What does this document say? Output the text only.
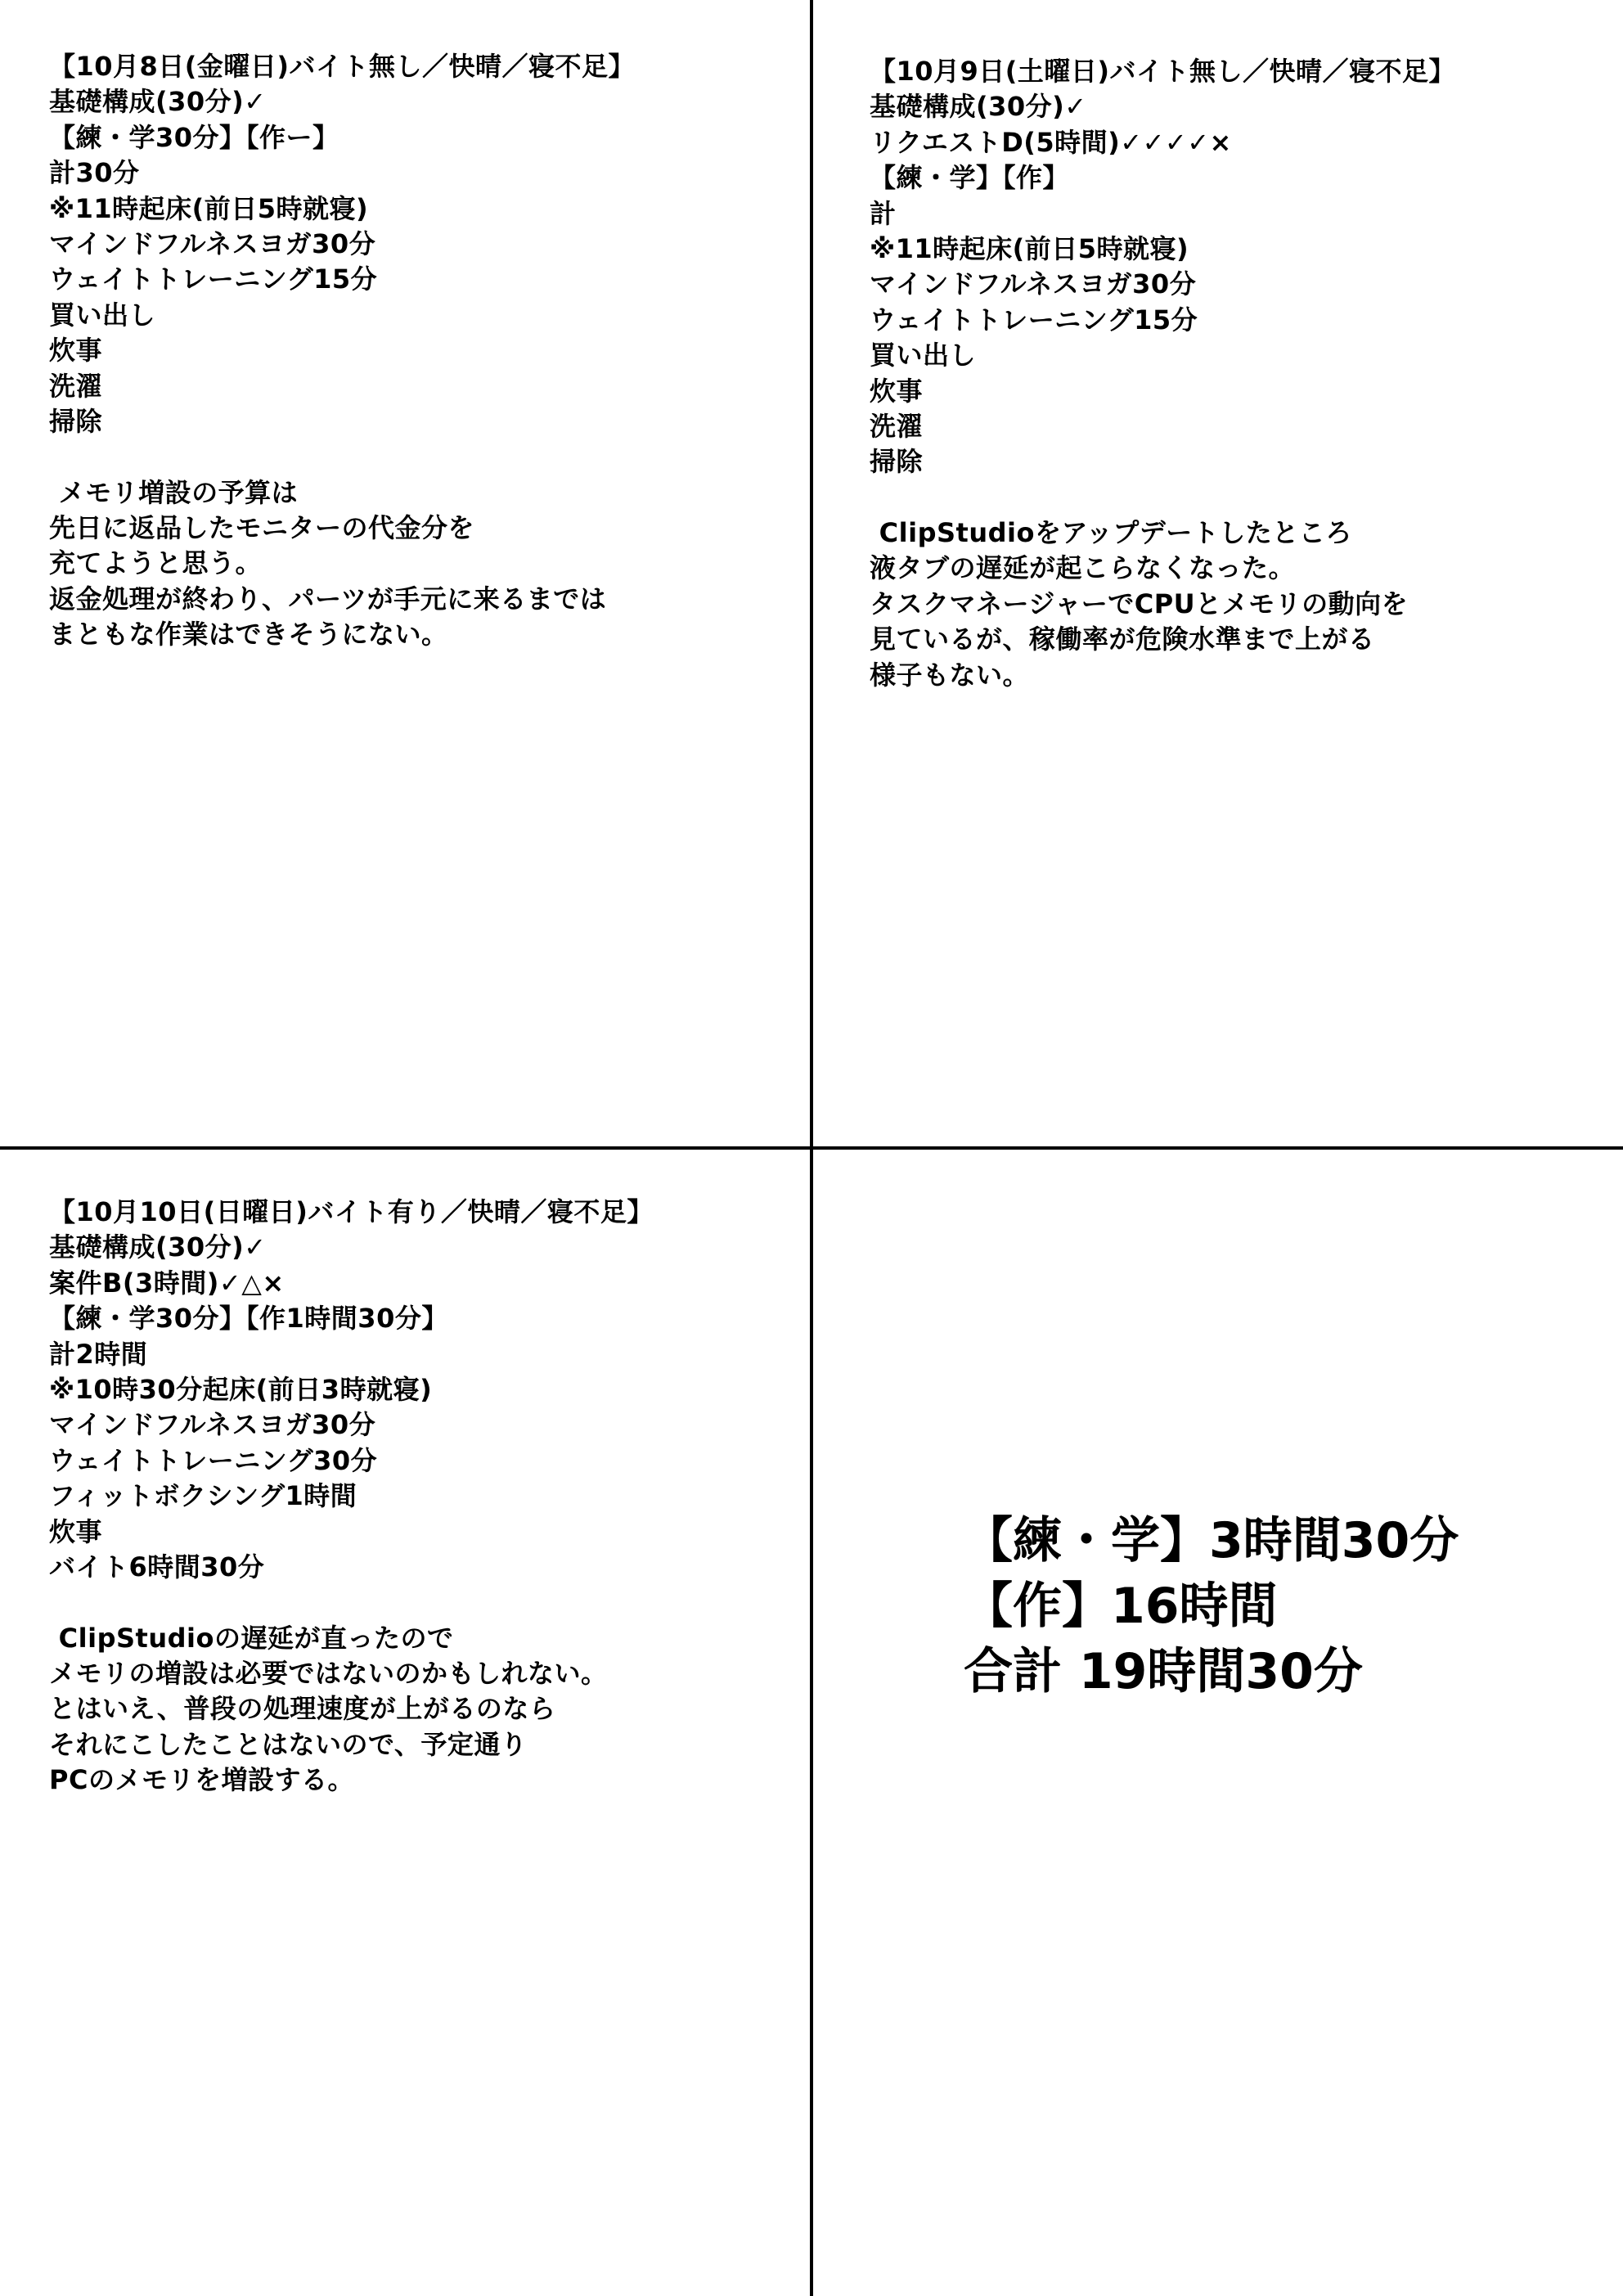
【10月8日(金曜日)バイト無し／快晴／寝不足】
基礎構成(30分)✓
【練・学30分】【作ー】
計30分
※11時起床(前日5時就寝)
マインドフルネスヨガ30分
ウェイトトレーニング15分
買い出し
炊事
洗濯
掃除
メモリ増設の予算は
先日に返品したモニターの代金分を
充てようと思う。
返金処理が終わり、パーツが手元に来るまでは
まともな作業はできそうにない。
【10月9日(土曜日)バイト無し／快晴／寝不足】
基礎構成(30分)✓
リクエストD(5時間)✓✓✓✓×
【練・学】【作】
計
※11時起床(前日5時就寝)
マインドフルネスヨガ30分
ウェイトトレーニング15分
買い出し
炊事
洗濯
掃除
ClipStudioをアップデートしたところ
液タブの遅延が起こらなくなった。
タスクマネージャーでCPUとメモリの動向を
見ているが、稼働率が危険水準まで上がる
様子もない。
【10月10日(日曜日)バイト有り／快晴／寝不足】
基礎構成(30分)✓
案件B(3時間)✓△×
【練・学30分】【作1時間30分】
計2時間
※10時30分起床(前日3時就寝)
マインドフルネスヨガ30分
ウェイトトレーニング30分
フィットボクシング1時間
炊事
バイト6時間30分
ClipStudioの遅延が直ったので
メモリの増設は必要ではないのかもしれない。
とはいえ、普段の処理速度が上がるのなら
それにこしたことはないので、予定通り
PCのメモリを増設する。
【練・学】3時間30分
【作】16時間
合計 19時間30分
